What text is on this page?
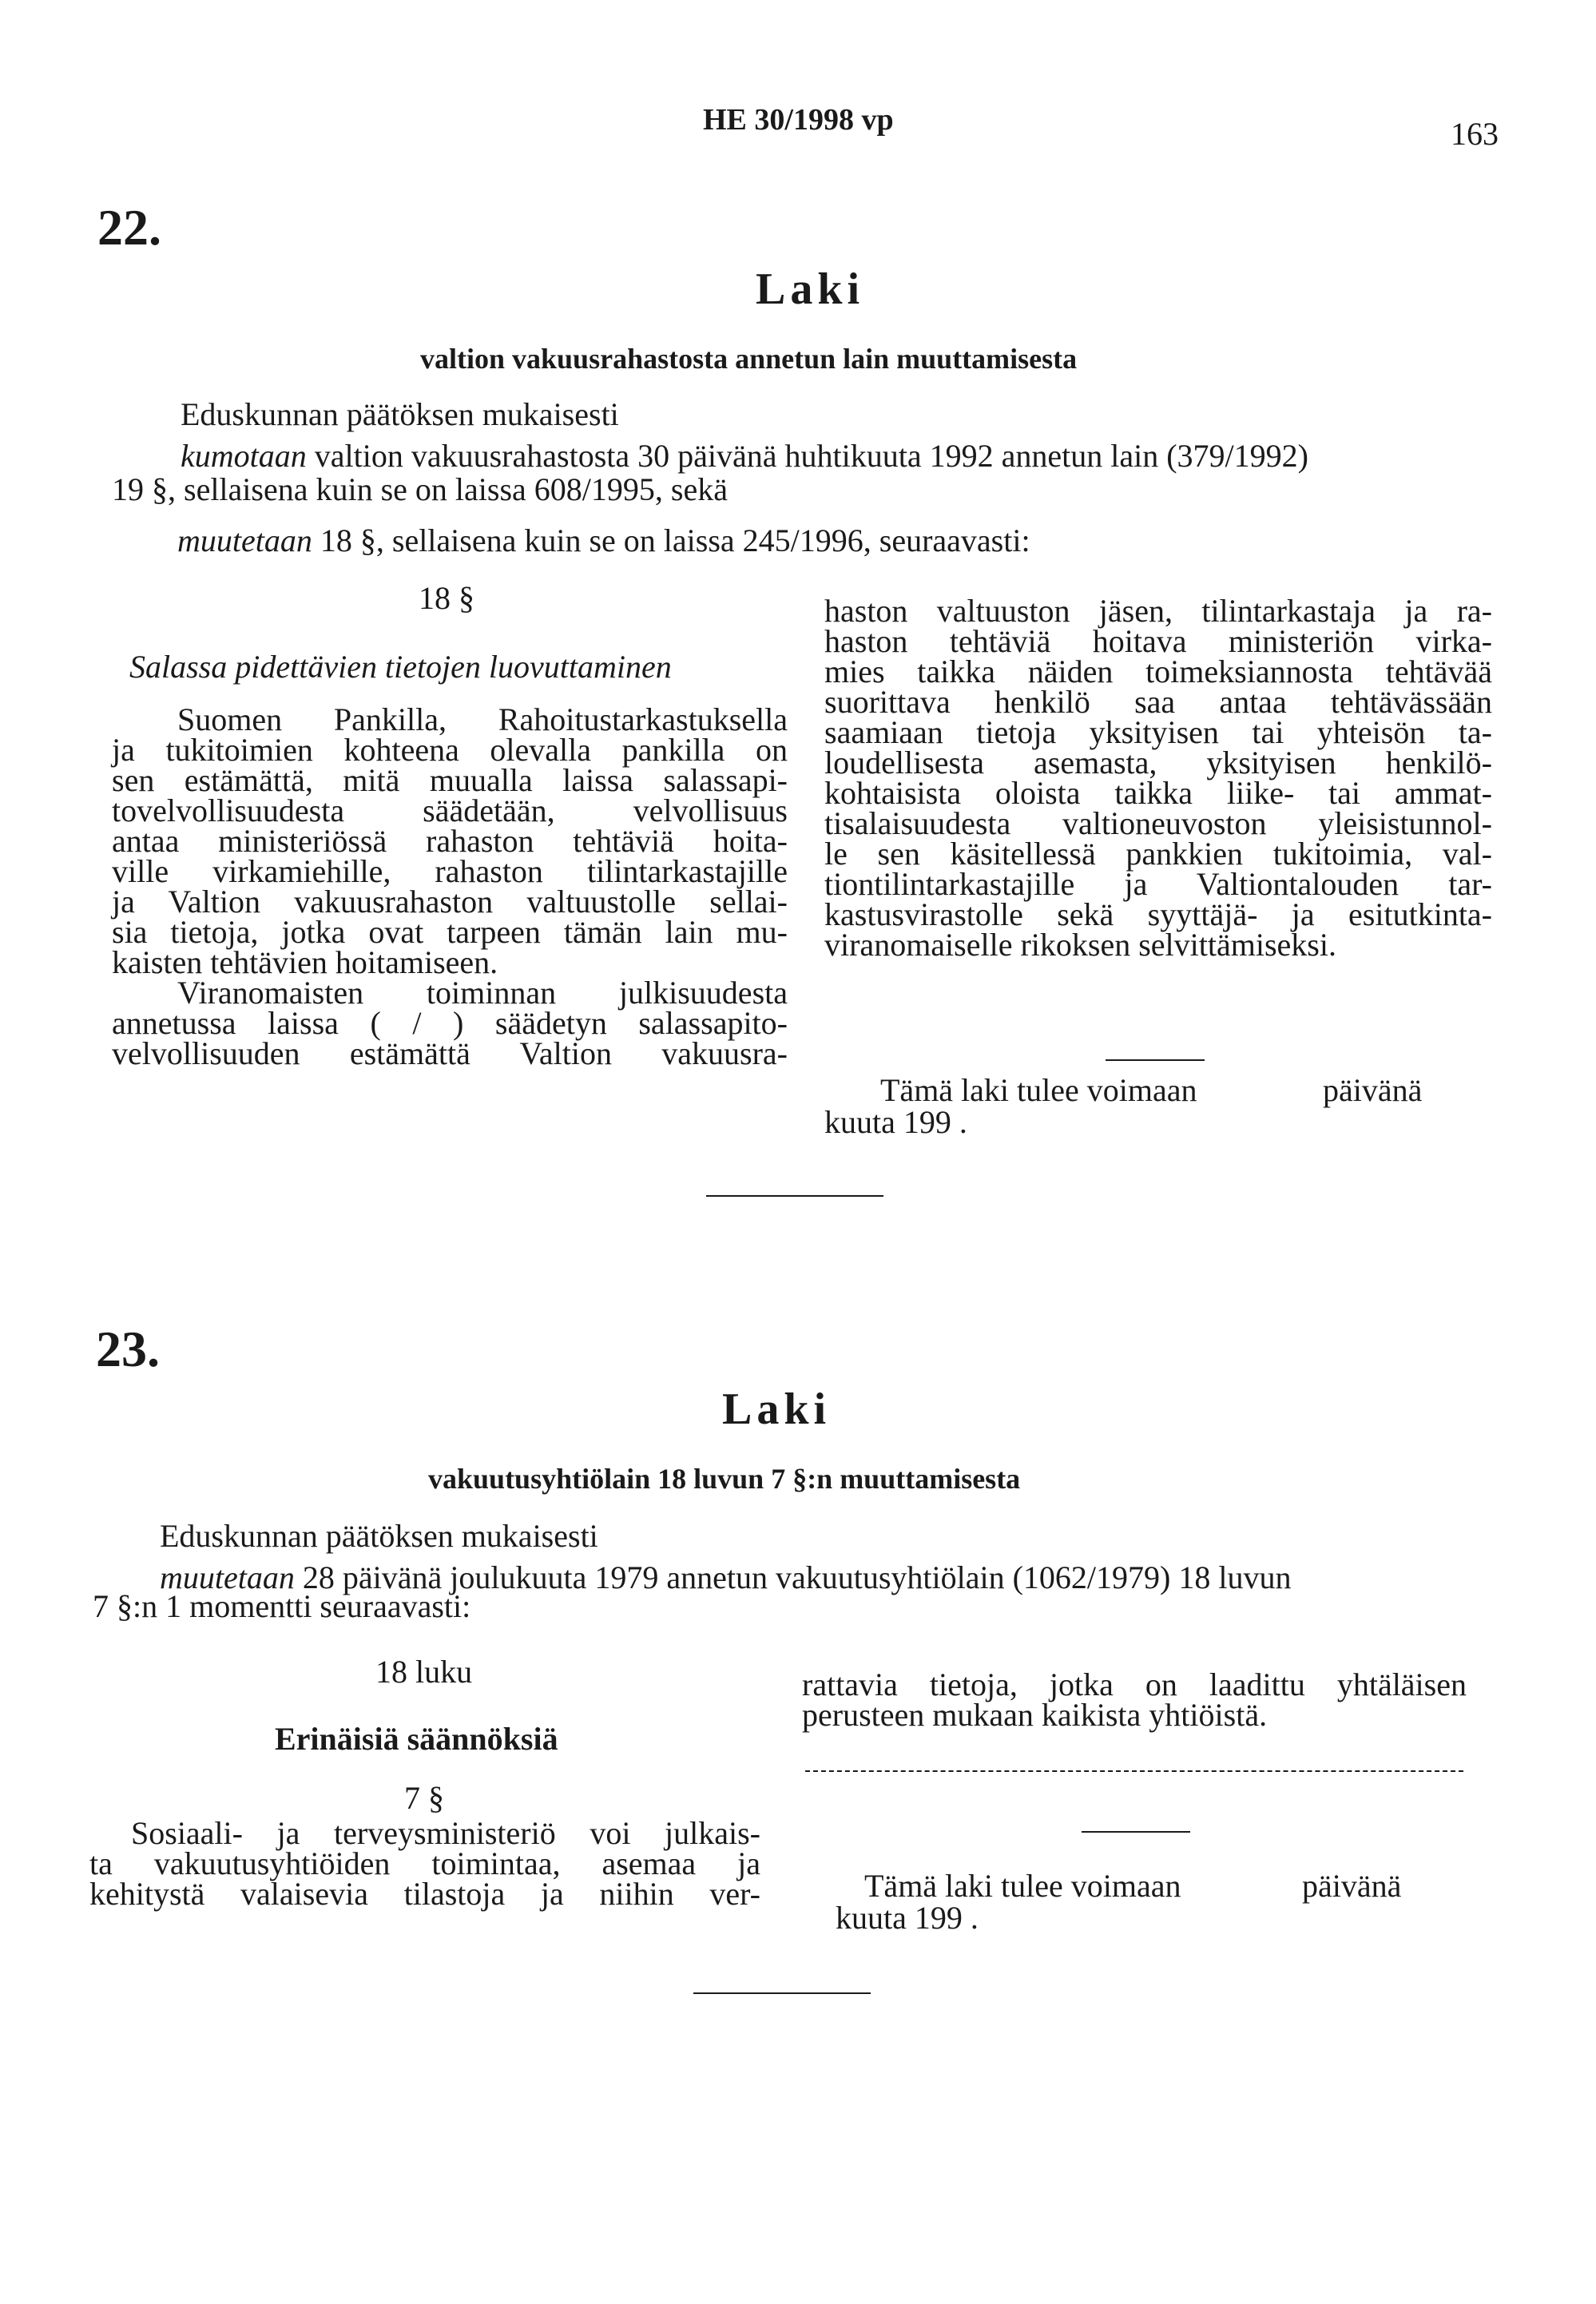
HE 30/1998 vp	163
22.
Laki
valtion vakuusrahastosta annetun lain muuttamisesta
Eduskunnan päätöksen mukaisesti
kumotaan valtion vakuusrahastosta 30 päivänä huhtikuuta 1992 annetun lain (379/1992)
19 §, sellaisena kuin se on laissa 608/1995, sekä
muutetaan 18 §, sellaisena kuin se on laissa 245/1996, seuraavasti:
18 §
Salassa pidettävien tietojen luovuttaminen
Suomen Pankilla, Rahoitustarkastuksella
ja tukitoimien kohteena olevalla pankilla on
sen estämättä, mitä muualla laissa salassapi-
tovelvollisuudesta säädetään, velvollisuus
antaa ministeriössä rahaston tehtäviä hoita-
ville virkamiehille, rahaston tilintarkastajille
ja Valtion vakuusrahaston valtuustolle sellai-
sia tietoja, jotka ovat tarpeen tämän lain mu-
kaisten tehtävien hoitamiseen.
Viranomaisten toiminnan julkisuudesta
annetussa laissa ( / ) säädetyn salassapito-
velvollisuuden estämättä Valtion vakuusra-
haston valtuuston jäsen, tilintarkastaja ja ra-
haston tehtäviä hoitava ministeriön virka-
mies taikka näiden toimeksiannosta tehtävää
suorittava henkilö saa antaa tehtävässään
saamiaan tietoja yksityisen tai yhteisön ta-
loudellisesta asemasta, yksityisen henkilö-
kohtaisista oloista taikka liike- tai ammat-
tisalaisuudesta valtioneuvoston yleisistunnol-
le sen käsitellessä pankkien tukitoimia, val-
tiontilintarkastajille ja Valtiontalouden tar-
kastusvirastolle sekä syyttäjä- ja esitutkinta-
viranomaiselle rikoksen selvittämiseksi.
Tämä laki tulee voimaan	päivänä
kuuta 199 .
23.
Laki
vakuutusyhtiölain 18 luvun 7 §:n muuttamisesta
Eduskunnan päätöksen mukaisesti
muutetaan 28 päivänä joulukuuta 1979 annetun vakuutusyhtiölain (1062/1979) 18 luvun
7 §:n 1 momentti seuraavasti:
18 luku
Erinäisiä säännöksiä
7 §
Sosiaali- ja terveysministeriö voi julkais-
ta vakuutusyhtiöiden toimintaa, asemaa ja
kehitystä valaisevia tilastoja ja niihin ver-
rattavia tietoja, jotka on laadittu yhtäläisen
perusteen mukaan kaikista yhtiöistä.
Tämä laki tulee voimaan	päivänä
kuuta 199 .
